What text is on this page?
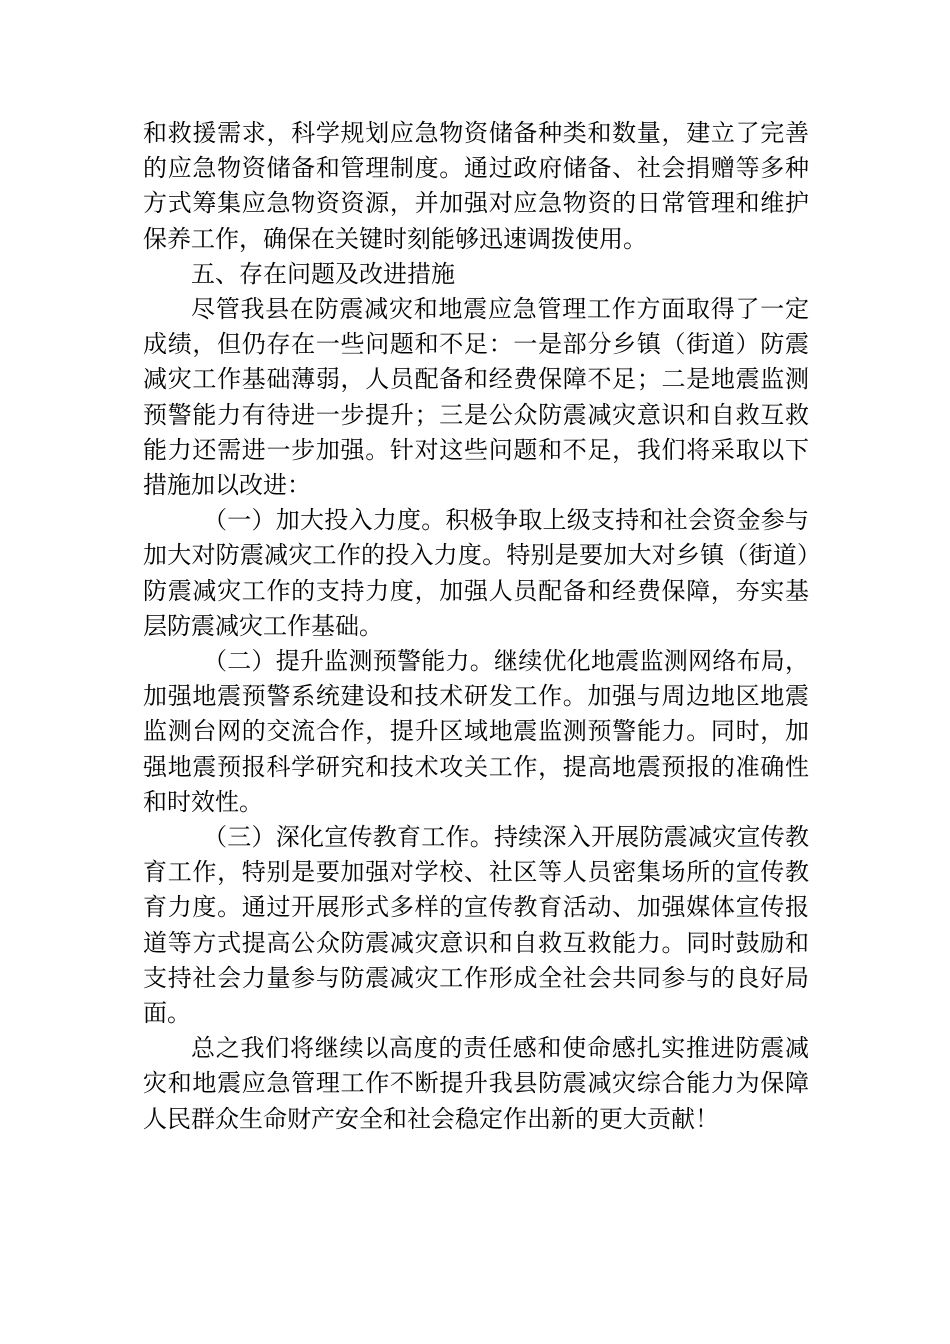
和救援需求，科学规划应急物资储备种类和数量，建立了完善的应急物资储备和管理制度。通过政府储备、社会捐赠等多种方式筹集应急物资资源，并加强对应急物资的日常管理和维护保养工作，确保在关键时刻能够迅速调拨使用。

五、存在问题及改进措施

尽管我县在防震减灾和地震应急管理工作方面取得了一定成绩，但仍存在一些问题和不足：一是部分乡镇（街道）防震减灾工作基础薄弱，人员配备和经费保障不足；二是地震监测预警能力有待进一步提升；三是公众防震减灾意识和自救互救能力还需进一步加强。针对这些问题和不足，我们将采取以下措施加以改进：

（一）加大投入力度。积极争取上级支持和社会资金参与加大对防震减灾工作的投入力度。特别是要加大对乡镇（街道）防震减灾工作的支持力度，加强人员配备和经费保障，夯实基层防震减灾工作基础。

（二）提升监测预警能力。继续优化地震监测网络布局，加强地震预警系统建设和技术研发工作。加强与周边地区地震监测台网的交流合作，提升区域地震监测预警能力。同时，加强地震预报科学研究和技术攻关工作，提高地震预报的准确性和时效性。

（三）深化宣传教育工作。持续深入开展防震减灾宣传教育工作，特别是要加强对学校、社区等人员密集场所的宣传教育力度。通过开展形式多样的宣传教育活动、加强媒体宣传报道等方式提高公众防震减灾意识和自救互救能力。同时鼓励和支持社会力量参与防震减灾工作形成全社会共同参与的良好局面。

总之我们将继续以高度的责任感和使命感扎实推进防震减灾和地震应急管理工作不断提升我县防震减灾综合能力为保障人民群众生命财产安全和社会稳定作出新的更大贡献！
